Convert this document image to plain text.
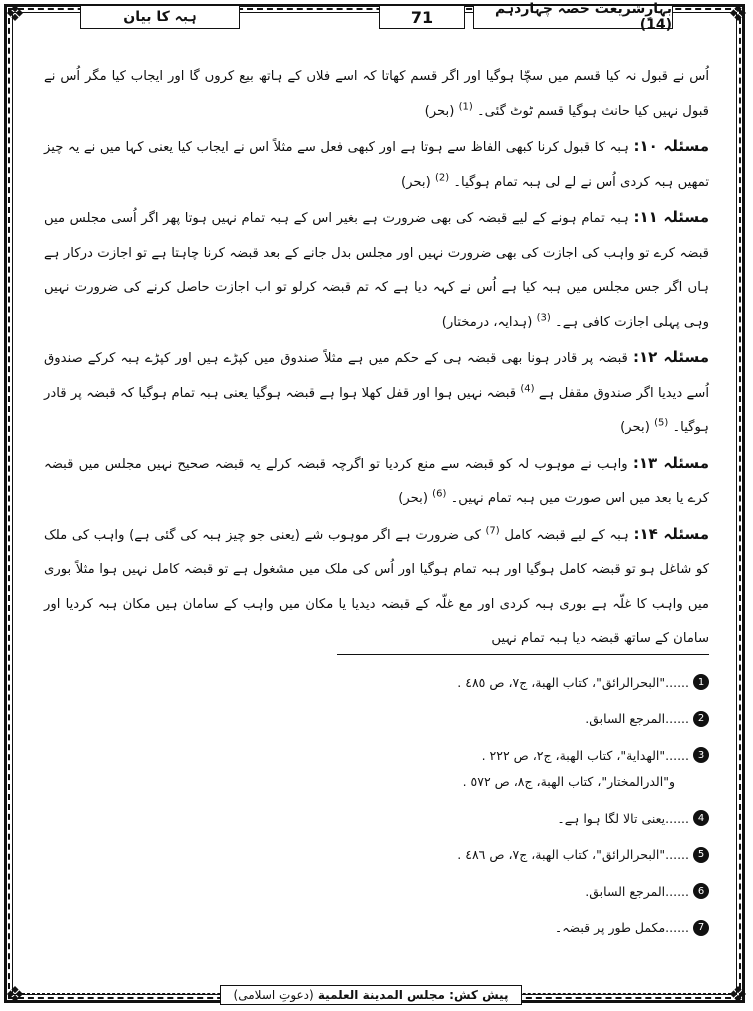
❖	❖
❖	❖
بہارِشریعت حصہ چہاردہم (14)
71
ہبہ کا بیان

اُس نے قبول نہ کیا قسم میں سچّا ہوگیا اور اگر قسم کھاتا کہ اسے فلاں کے ہاتھ بیع کروں گا اور ایجاب کیا مگر اُس نے قبول نہیں کیا حانث ہوگیا قسم ٹوٹ گئی۔ $^{(1)}$ (بحر)

مسئلہ ۱۰: ہبہ کا قبول کرنا کبھی الفاظ سے ہوتا ہے اور کبھی فعل سے مثلاً اس نے ایجاب کیا یعنی کہا میں نے یہ چیز تمھیں ہبہ کردی اُس نے لے لی ہبہ تمام ہوگیا۔ $^{(2)}$ (بحر)

مسئلہ ۱۱: ہبہ تمام ہونے کے لیے قبضہ کی بھی ضرورت ہے بغیر اس کے ہبہ تمام نہیں ہوتا پھر اگر اُسی مجلس میں قبضہ کرے تو واہب کی اجازت کی بھی ضرورت نہیں اور مجلس بدل جانے کے بعد قبضہ کرنا چاہتا ہے تو اجازت درکار ہے ہاں اگر جس مجلس میں ہبہ کیا ہے اُس نے کہہ دیا ہے کہ تم قبضہ کرلو تو اب اجازت حاصل کرنے کی ضرورت نہیں وہی پہلی اجازت کافی ہے۔ $^{(3)}$ (ہدایہ، درمختار)

مسئلہ ۱۲: قبضہ پر قادر ہونا بھی قبضہ ہی کے حکم میں ہے مثلاً صندوق میں کپڑے ہیں اور کپڑے ہبہ کرکے صندوق اُسے دیدیا اگر صندوق مقفل ہے $^{(4)}$ قبضہ نہیں ہوا اور قفل کھلا ہوا ہے قبضہ ہوگیا یعنی ہبہ تمام ہوگیا کہ قبضہ پر قادر ہوگیا۔ $^{(5)}$ (بحر)

مسئلہ ۱۳: واہب نے موہوب لہ کو قبضہ سے منع کردیا تو اگرچہ قبضہ کرلے یہ قبضہ صحیح نہیں مجلس میں قبضہ کرے یا بعد میں اس صورت میں ہبہ تمام نہیں۔ $^{(6)}$ (بحر)

مسئلہ ۱۴: ہبہ کے لیے قبضہ کامل $^{(7)}$ کی ضرورت ہے اگر موہوب شے (یعنی جو چیز ہبہ کی گئی ہے) واہب کی ملک کو شاغل ہو تو قبضہ کامل ہوگیا اور ہبہ تمام ہوگیا اور اُس کی ملک میں مشغول ہے تو قبضہ کامل نہیں ہوا مثلاً بوری میں واہب کا غلّہ ہے بوری ہبہ کردی اور مع غلّہ کے قبضہ دیدیا یا مکان میں واہب کے سامان ہیں مکان ہبہ کردیا اور سامان کے ساتھ قبضہ دیا ہبہ تمام نہیں

1
......"البحرالرائق"، كتاب الهبة، ج٧، ص ٤٨٥ .
2
......المرجع السابق.
3
......"الهداية"، كتاب الهبة، ج٢، ص ٢٢٢ .
و"الدرالمختار"، كتاب الهبة، ج٨، ص ٥٧٢ .
4
......یعنی تالا لگا ہوا ہے۔
5
......"البحرالرائق"، كتاب الهبة، ج٧، ص ٤٨٦ .
6
......المرجع السابق.
7
......مکمل طور پر قبضہ۔
پیش کش:

مجلس المدینة العلمیة

(دعوتِ اسلامی)
